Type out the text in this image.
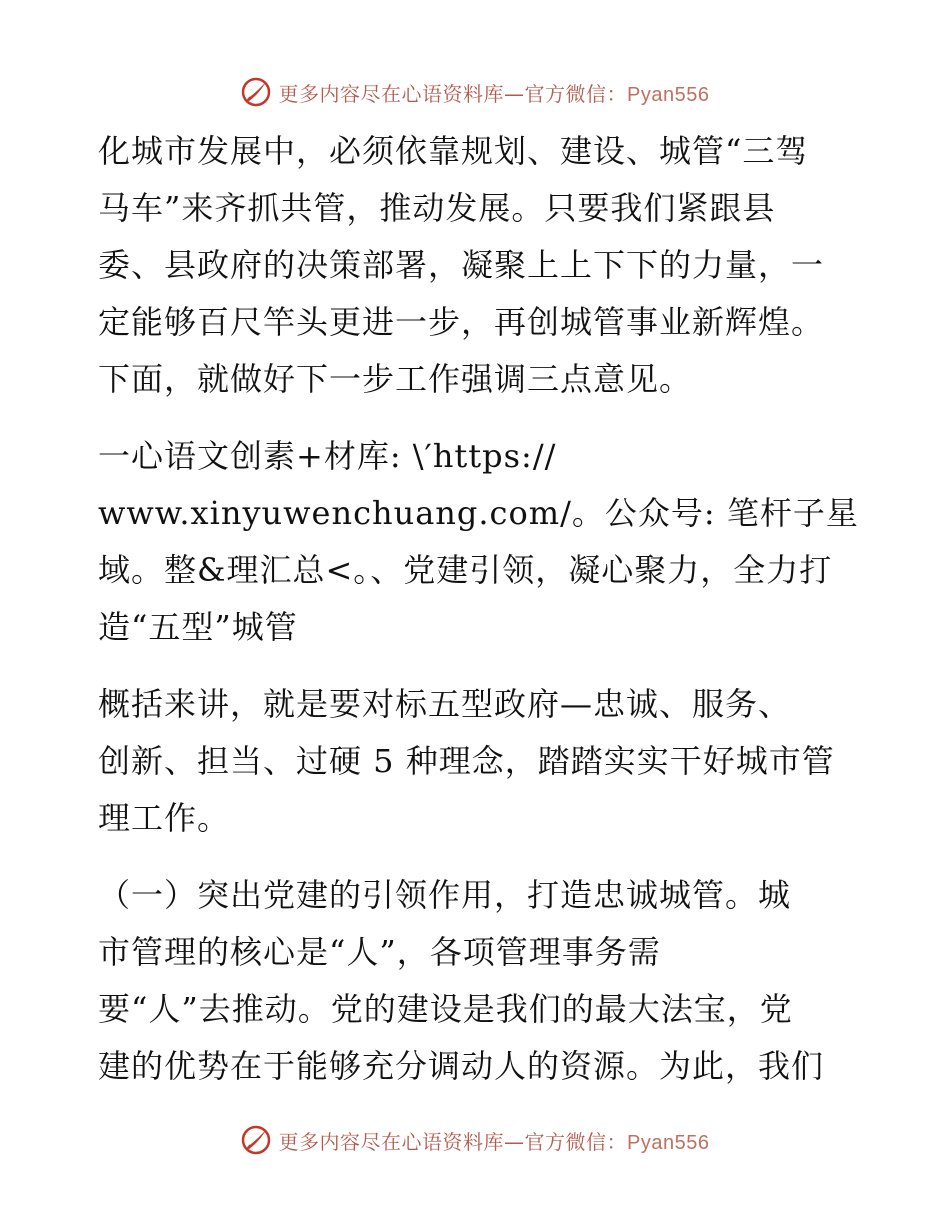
更多内容尽在心语资料库—官方微信：Pyan556
化城市发展中，必须依靠规划、建设、城管“三驾
马车”来齐抓共管，推动发展。只要我们紧跟县
委、县政府的决策部署，凝聚上上下下的力量，一
定能够百尺竿头更进一步，再创城管事业新辉煌。
下面，就做好下一步工作强调三点意见。
一心语文创素+材库: \′https://
www.xinyuwenchuang.com/。公众号: 笔杆子星
域。整&理汇总<。、党建引领，凝心聚力，全力打
造“五型”城管
概括来讲，就是要对标五型政府—忠诚、服务、
创新、担当、过硬 5 种理念，踏踏实实干好城市管
理工作。
（一）突出党建的引领作用，打造忠诚城管。城
市管理的核心是“人”，各项管理事务需
要“人”去推动。党的建设是我们的最大法宝，党
建的优势在于能够充分调动人的资源。为此，我们
更多内容尽在心语资料库—官方微信：Pyan556
